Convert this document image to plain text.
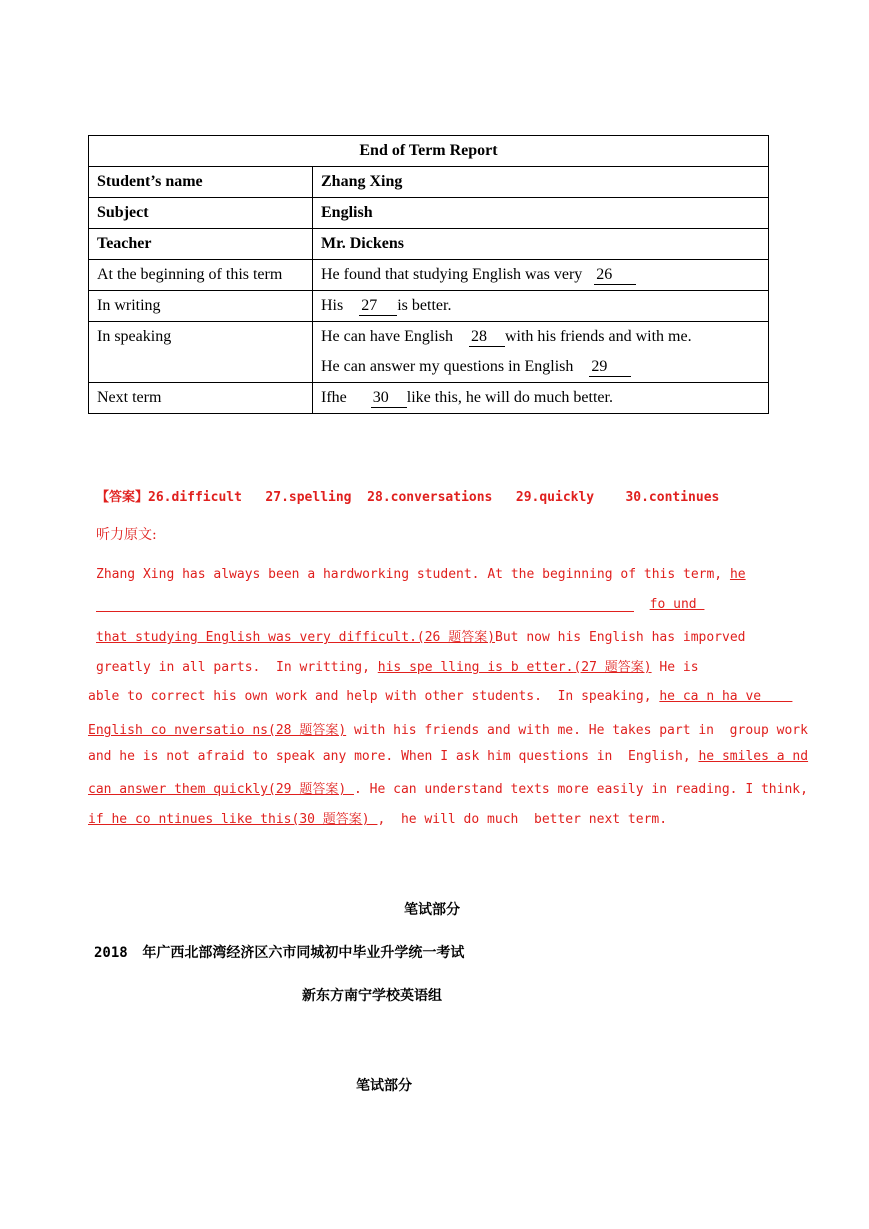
End of Term Report	
Student’s name	Zhang Xing
Subject	English
Teacher	Mr. Dickens
At the beginning of this term	He found that studying English was very 26
In writing	His 27 is better.
In speaking	He can have English 28 with his friends and with me.
He can answer my questions in English 29

Next term	Ifhe 30 like this, he will do much better.
【答案】26.difficult   27.spelling  28.conversations   29.quickly    30.continues
听力原文:
Zhang Xing has always been a hardworking student. At the beginning of this term, he
fo und
that studying English was very difficult.(26 题答案)But now his English has imporved
greatly in all parts.  In writting, his spe lling is b etter.(27 题答案) He is
able to correct his own work and help with other students.  In speaking, he ca n ha ve
English co nversatio ns(28 题答案) with his friends and with me. He takes part in  group work
and he is not afraid to speak any more. When I ask him questions in  English, he smiles a nd
can answer them quickly(29 题答案) . He can understand texts more easily in reading. I think,
if he co ntinues like this(30 题答案) ,  he will do much  better next term.
笔试部分
2018 年广西北部湾经济区六市同城初中毕业升学统一考试
新东方南宁学校英语组
笔试部分
